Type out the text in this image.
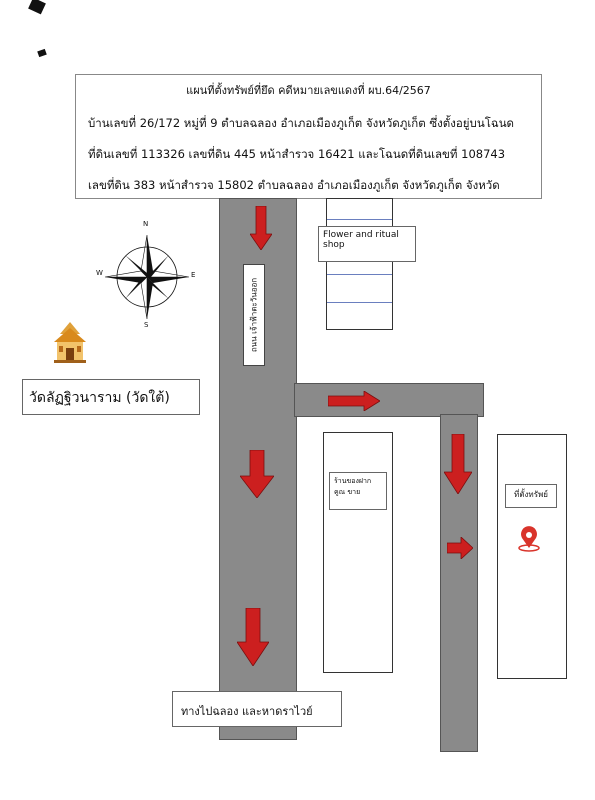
แผนที่ตั้งทรัพย์ที่ยึด คดีหมายเลขแดงที่ ผบ.64/2567
บ้านเลขที่ 26/172 หมู่ที่ 9 ตำบลฉลอง อำเภอเมืองภูเก็ต จังหวัดภูเก็ต ซึ่งตั้งอยู่บนโฉนด
ที่ดินเลขที่ 113326 เลขที่ดิน 445 หน้าสำรวจ 16421 และโฉนดที่ดินเลขที่ 108743
เลขที่ดิน 383 หน้าสำรวจ 15802 ตำบลฉลอง อำเภอเมืองภูเก็ต จังหวัดภูเก็ต จังหวัด
N
E
S
W
วัดลัฏฐิวนาราม (วัดใต้)
ถนน เจ้าฟ้าตะวันออก
Flower and ritual shop
ร้านของฝากคูณ ขาย	ที่ตั้งทรัพย์
ทางไปฉลอง และหาดราไวย์
